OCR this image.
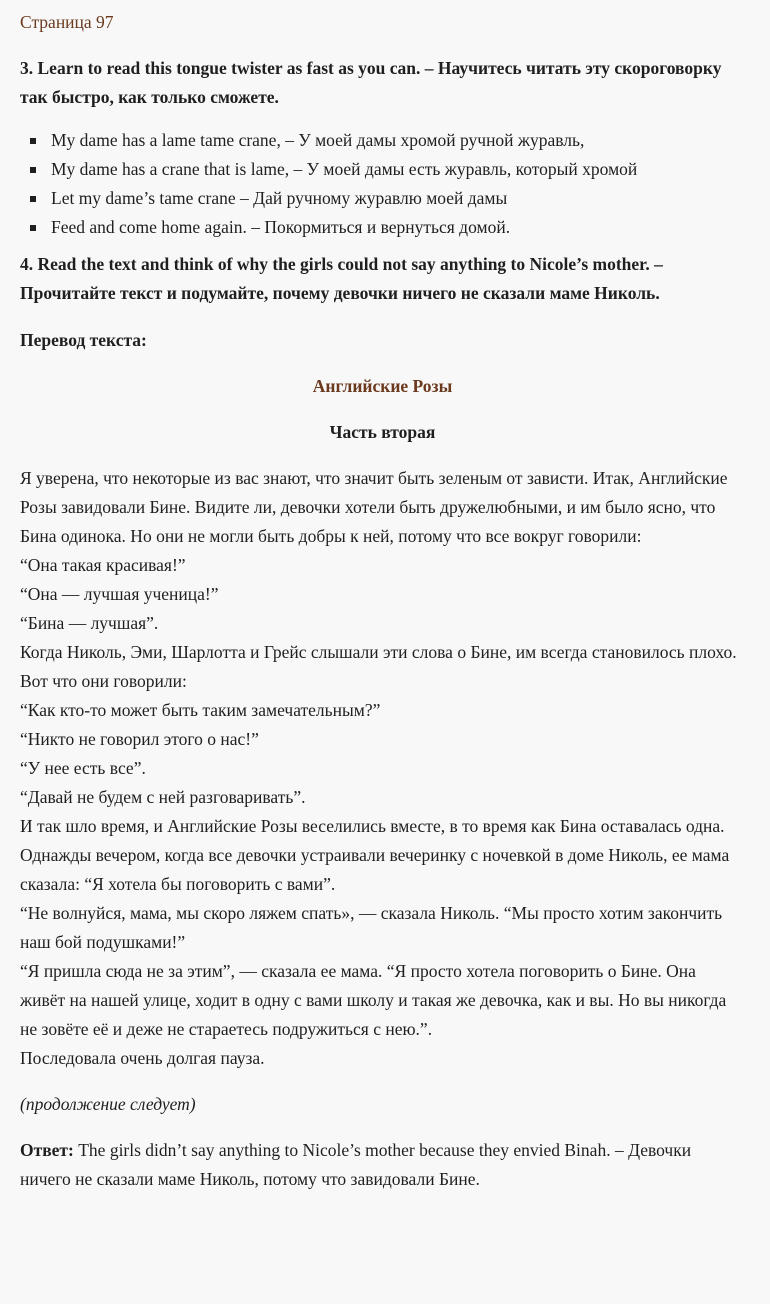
Страница 97

3. Learn to read this tongue twister as fast as you can. – Научитесь читать эту скороговорку так быстро, как только сможете.

My dame has a lame tame crane, – У моей дамы хромой ручной журавль,
My dame has a crane that is lame, – У моей дамы есть журавль, который хромой
Let my dame’s tame crane – Дай ручному журавлю моей дамы
Feed and come home again. – Покормиться и вернуться домой.

4. Read the text and think of why the girls could not say anything to Nicole’s mother. – Прочитайте текст и подумайте, почему девочки ничего не сказали маме Николь.

Перевод текста:

Английские Розы

Часть вторая

Я уверена, что некоторые из вас знают, что значит быть зеленым от зависти. Итак, Английские Розы завидовали Бине. Видите ли, девочки хотели быть дружелюбными, и им было ясно, что Бина одинока. Но они не могли быть добры к ней, потому что все вокруг говорили:

“Она такая красивая!”

“Она — лучшая ученица!”

“Бина — лучшая”.

Когда Николь, Эми, Шарлотта и Грейс слышали эти слова о Бине, им всегда становилось плохо. Вот что они говорили:

“Как кто-то может быть таким замечательным?”

“Никто не говорил этого о нас!”

“У нее есть все”.

“Давай не будем с ней разговаривать”.

И так шло время, и Английские Розы веселились вместе, в то время как Бина оставалась одна.

Однажды вечером, когда все девочки устраивали вечеринку с ночевкой в доме Николь, ее мама сказала: “Я хотела бы поговорить с вами”.

“Не волнуйся, мама, мы скоро ляжем спать», — сказала Николь. “Мы просто хотим закончить наш бой подушками!”

“Я пришла сюда не за этим”, — сказала ее мама. “Я просто хотела поговорить о Бине. Она живёт на нашей улице, ходит в одну с вами школу и такая же девочка, как и вы. Но вы никогда не зовёте её и деже не стараетесь подружиться с нею.”.

Последовала очень долгая пауза.

(продолжение следует)

Ответ: The girls didn’t say anything to Nicole’s mother because they envied Binah. – Девочки ничего не сказали маме Николь, потому что завидовали Бине.
